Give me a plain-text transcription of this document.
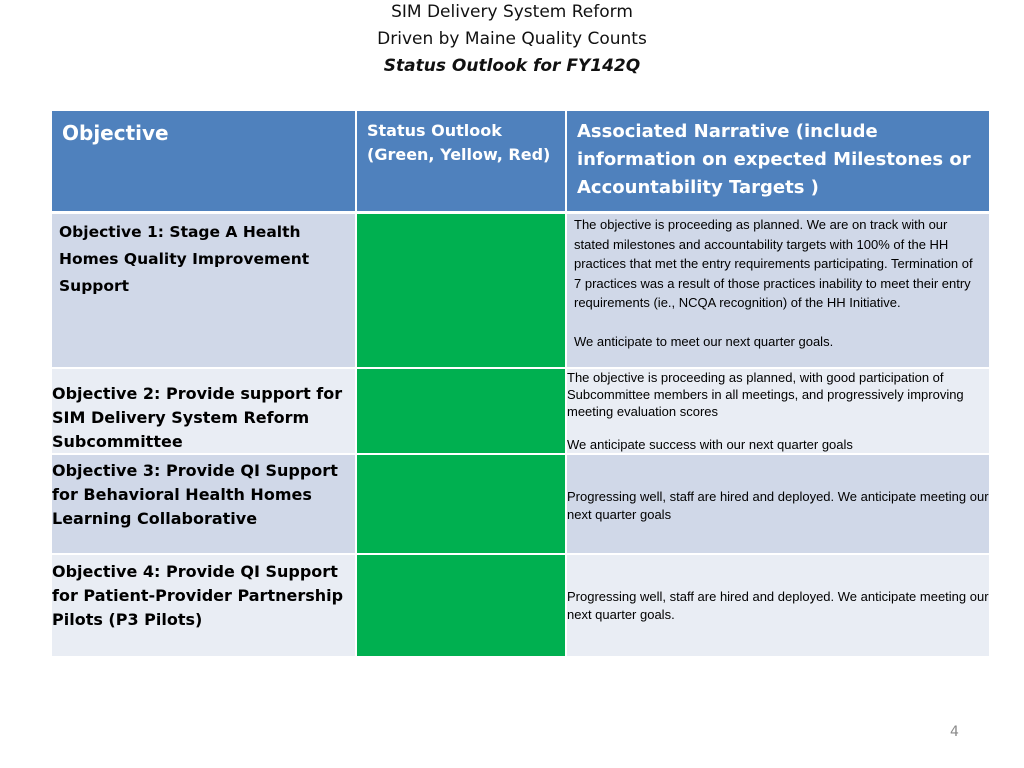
SIM Delivery System Reform
Driven by Maine Quality Counts
Status Outlook for FY142Q
Objective	Status Outlook (Green, Yellow, Red)
Associated Narrative (include information on expected Milestones or Accountability Targets )
Objective 1: Stage A Health Homes Quality Improvement Support

The objective is proceeding as planned. We are on track with our stated milestones and accountability targets with 100% of the HH practices that met the entry requirements participating. Termination of 7 practices was a result of those practices inability to meet their entry requirements (ie., NCQA recognition) of the HH Initiative.

We anticipate to meet our next quarter goals.

Objective 2: Provide support for SIM Delivery System Reform Subcommittee

The objective is proceeding as planned, with good participation of Subcommittee members in all meetings, and progressively improving meeting evaluation scores

We anticipate success with our next quarter goals

Objective 3: Provide QI Support for Behavioral Health Homes Learning Collaborative

Progressing well, staff are hired and deployed. We anticipate meeting our next quarter goals

Objective 4: Provide QI Support for Patient-Provider Partnership Pilots (P3 Pilots)

Progressing well, staff are hired and deployed. We anticipate meeting our next quarter goals.

4
